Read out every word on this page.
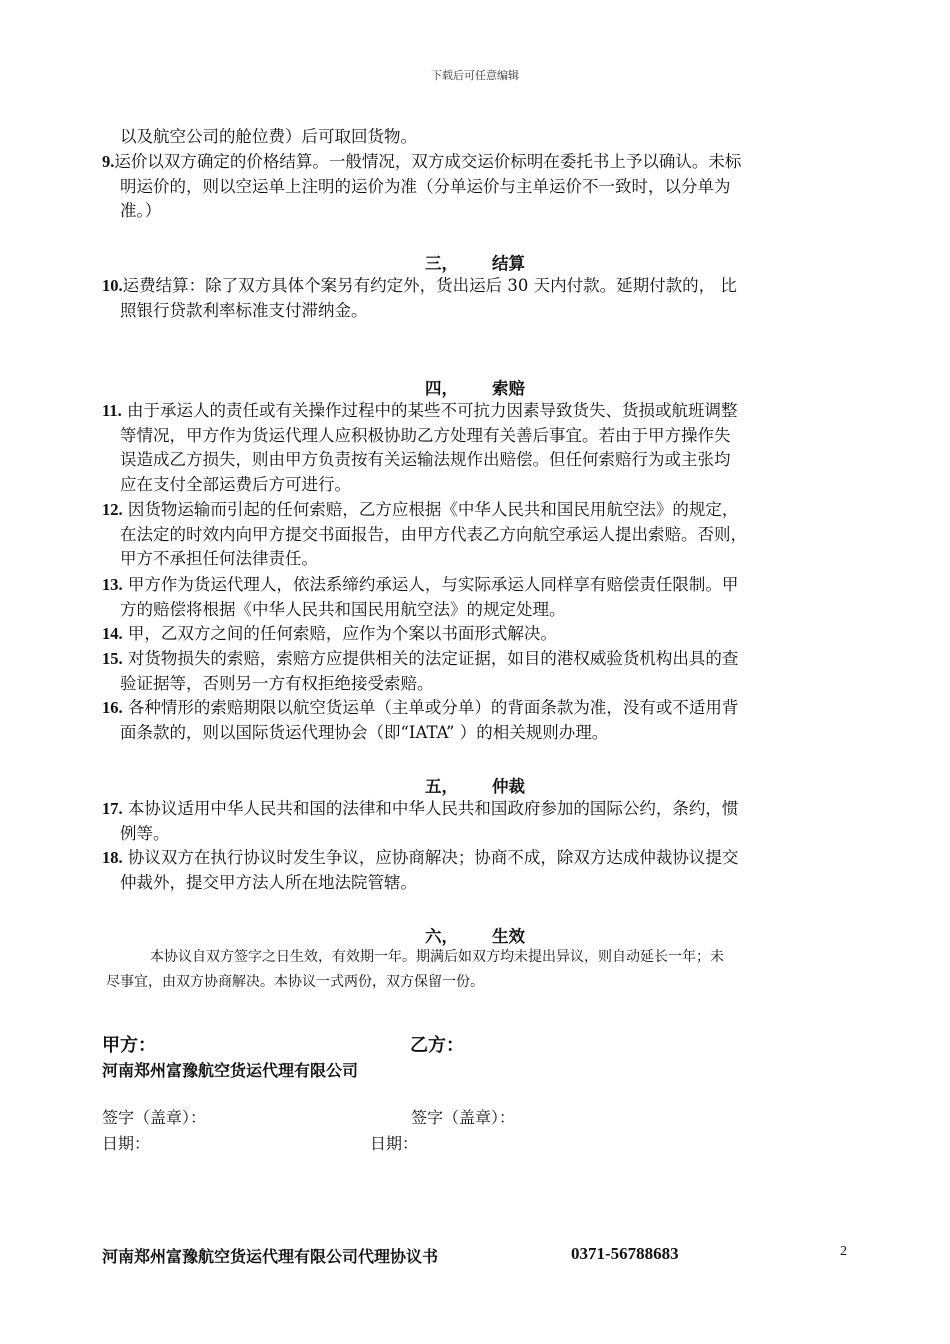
下载后可任意编辑
以及航空公司的舱位费）后可取回货物。
9.运价以双方确定的价格结算。一般情况，双方成交运价标明在委托书上予以确认。未标
明运价的，则以空运单上注明的运价为准（分单运价与主单运价不一致时，以分单为
准。）
三， 结算
10.运费结算：除了双方具体个案另有约定外，货出运后 30 天内付款。延期付款的， 比
照银行贷款利率标准支付滞纳金。
四， 索赔
11. 由于承运人的责任或有关操作过程中的某些不可抗力因素导致货失、货损或航班调整
等情况，甲方作为货运代理人应积极协助乙方处理有关善后事宜。若由于甲方操作失
误造成乙方损失，则由甲方负责按有关运输法规作出赔偿。但任何索赔行为或主张均
应在支付全部运费后方可进行。
12. 因货物运输而引起的任何索赔，乙方应根据《中华人民共和国民用航空法》的规定，
在法定的时效内向甲方提交书面报告，由甲方代表乙方向航空承运人提出索赔。否则，
甲方不承担任何法律责任。
13. 甲方作为货运代理人，依法系缔约承运人，与实际承运人同样享有赔偿责任限制。甲
方的赔偿将根据《中华人民共和国民用航空法》的规定处理。
14. 甲，乙双方之间的任何索赔，应作为个案以书面形式解决。
15. 对货物损失的索赔，索赔方应提供相关的法定证据，如目的港权威验货机构出具的查
验证据等，否则另一方有权拒绝接受索赔。
16. 各种情形的索赔期限以航空货运单（主单或分单）的背面条款为准，没有或不适用背
面条款的，则以国际货运代理协会（即“IATA” ）的相关规则办理。
五， 仲裁
17. 本协议适用中华人民共和国的法律和中华人民共和国政府参加的国际公约，条约，惯
例等。
18. 协议双方在执行协议时发生争议，应协商解决；协商不成，除双方达成仲裁协议提交
仲裁外，提交甲方法人所在地法院管辖。
六， 生效
本协议自双方签字之日生效，有效期一年。期满后如双方均未提出异议，则自动延长一年；未
尽事宜，由双方协商解决。本协议一式两份，双方保留一份。
甲方：	乙方：
河南郑州富豫航空货运代理有限公司
签字（盖章）：	签字（盖章）：
日期：	日期：
河南郑州富豫航空货运代理有限公司代理协议书	0371-56788683	2
